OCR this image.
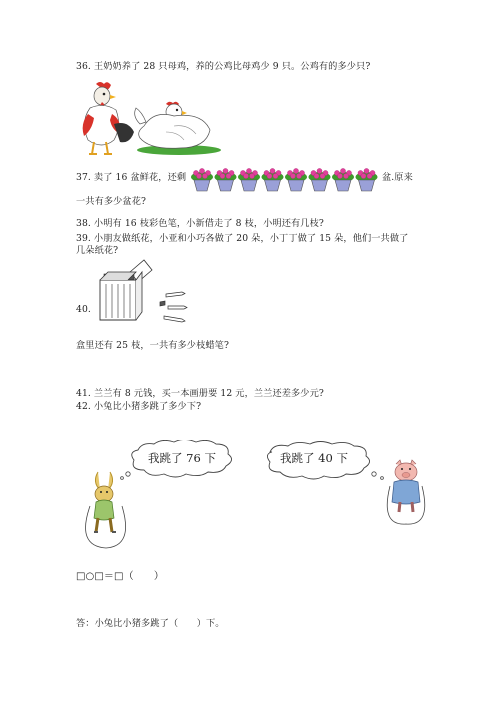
36. 王奶奶养了 28 只母鸡，养的公鸡比母鸡少 9 只。公鸡有的多少只?
37. 卖了 16 盆鲜花，还剩	盆.原来
一共有多少盆花?
38. 小明有 16 枝彩色笔，小新借走了 8 枝，小明还有几枝?
39. 小朋友做纸花，小亚和小巧各做了 20 朵，小丁丁做了 15 朵，他们一共做了
几朵纸花?
40.
盒里还有 25 枝，一共有多少枝蜡笔?
41. 兰兰有 8 元钱，买一本画册要 12 元，兰兰还差多少元?
42. 小兔比小猪多跳了多少下?
我跳了 76 下	我跳了 40 下
□○□＝□（　　）
答：小兔比小猪多跳了（　　）下。
